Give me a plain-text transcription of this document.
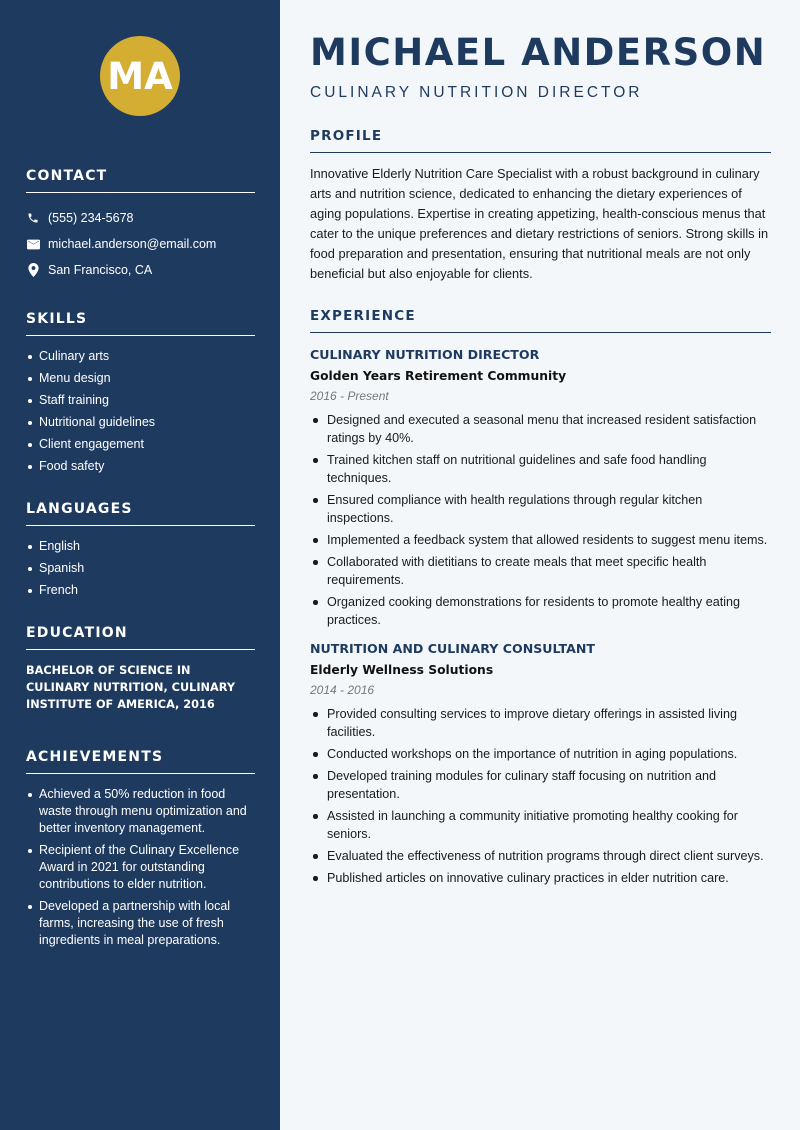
MA
CONTACT
(555) 234-5678
michael.anderson@email.com
San Francisco, CA
SKILLS
Culinary arts
Menu design
Staff training
Nutritional guidelines
Client engagement
Food safety
LANGUAGES
English
Spanish
French
EDUCATION
BACHELOR OF SCIENCE IN CULINARY NUTRITION, CULINARY INSTITUTE OF AMERICA, 2016
ACHIEVEMENTS
Achieved a 50% reduction in food waste through menu optimization and better inventory management.
Recipient of the Culinary Excellence Award in 2021 for outstanding contributions to elder nutrition.
Developed a partnership with local farms, increasing the use of fresh ingredients in meal preparations.
MICHAEL ANDERSON
CULINARY NUTRITION DIRECTOR
PROFILE

Innovative Elderly Nutrition Care Specialist with a robust background in culinary arts and nutrition science, dedicated to enhancing the dietary experiences of aging populations. Expertise in creating appetizing, health-conscious menus that cater to the unique preferences and dietary restrictions of seniors. Strong skills in food preparation and presentation, ensuring that nutritional meals are not only beneficial but also enjoyable for clients.

EXPERIENCE
CULINARY NUTRITION DIRECTOR
Golden Years Retirement Community
2016 - Present
Designed and executed a seasonal menu that increased resident satisfaction ratings by 40%.
Trained kitchen staff on nutritional guidelines and safe food handling techniques.
Ensured compliance with health regulations through regular kitchen inspections.
Implemented a feedback system that allowed residents to suggest menu items.
Collaborated with dietitians to create meals that meet specific health requirements.
Organized cooking demonstrations for residents to promote healthy eating practices.
NUTRITION AND CULINARY CONSULTANT
Elderly Wellness Solutions
2014 - 2016
Provided consulting services to improve dietary offerings in assisted living facilities.
Conducted workshops on the importance of nutrition in aging populations.
Developed training modules for culinary staff focusing on nutrition and presentation.
Assisted in launching a community initiative promoting healthy cooking for seniors.
Evaluated the effectiveness of nutrition programs through direct client surveys.
Published articles on innovative culinary practices in elder nutrition care.
